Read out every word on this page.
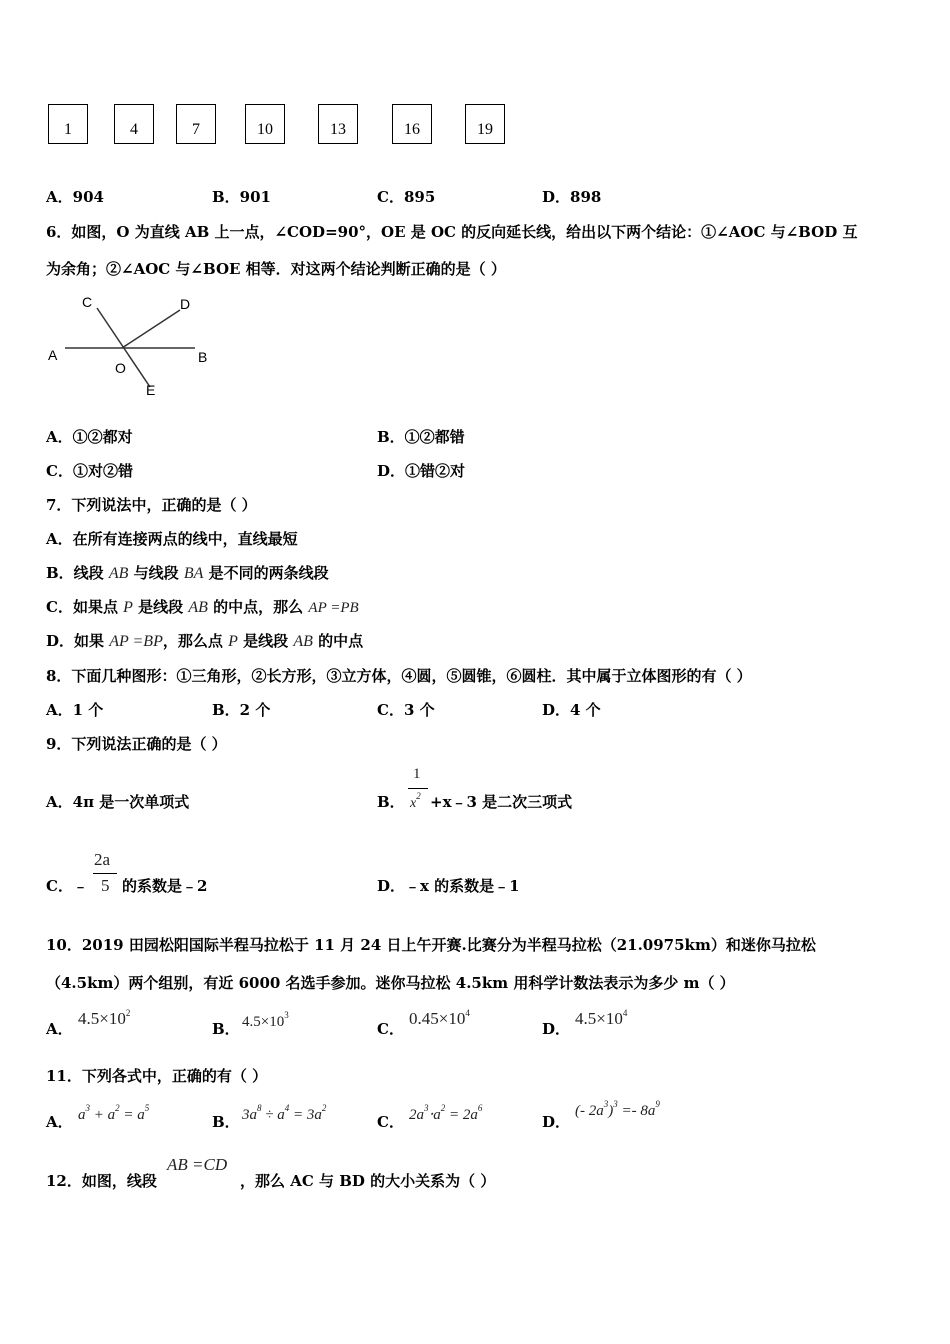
1	4	7	10	13	16	19
A．904	B．901	C．895	D．898
6．如图，O 为直线 AB 上一点，∠COD=90°，OE 是 OC 的反向延长线，给出以下两个结论：①∠AOC 与∠BOD 互
为余角；②∠AOC 与∠BOE 相等．对这两个结论判断正确的是（ ）
A	B
C	D
O
E
A．①②都对	B．①②都错
C．①对②错	D．①错②对
7．下列说法中，正确的是（ ）
A．在所有连接两点的线中，直线最短
B．线段 AB 与线段 BA 是不同的两条线段
C．如果点 P 是线段 AB 的中点，那么 AP =PB
D．如果 AP =BP，那么点 P 是线段 AB 的中点
8．下面几种图形：①三角形，②长方形，③立方体，④圆，⑤圆锥，⑥圆柱．其中属于立体图形的有（ ）
A．1 个	B．2 个	C．3 个	D．4 个
9．下列说法正确的是（ ）
A．4π 是一次单项式	B．
1
$x^2$ +x﹣3 是二次三项式
C．﹣
2a
5 的系数是﹣2	D．﹣x 的系数是﹣1
10．2019 田园松阳国际半程马拉松于 11 月 24 日上午开赛.比赛分为半程马拉松（21.0975km）和迷你马拉松
（4.5km）两个组别，有近 6000 名选手参加。迷你马拉松 4.5km 用科学计数法表示为多少 m（ ）
A．
$4.5\times 10^2$
B． $4.5\times 10^3$
C．
$0.45\times 10^4$
D．
$4.5\times 10^4$
11．下列各式中，正确的有（ ）
A． $a^3 + a^2 = a^5$
B． $3a^8 \div a^4 = 3a^2$
C． $2a^3\cdot a^2 = 2a^6$
D．
(- $2a^3)^3 =- 8a^9$
12．如图，线段
AB =CD
，那么 AC 与 BD 的大小关系为（ ）
